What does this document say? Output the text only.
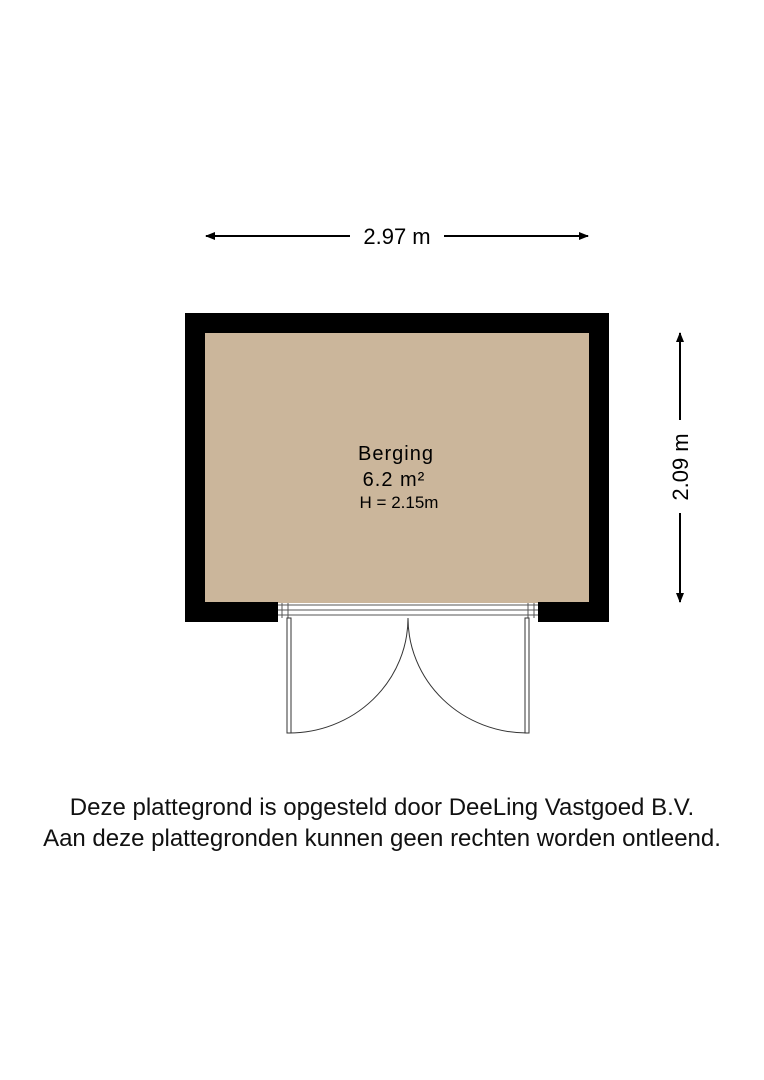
2.97 m
2.09 m
Berging
6.2 m²
H = 2.15m
Deze plattegrond is opgesteld door DeeLing Vastgoed B.V.
Aan deze plattegronden kunnen geen rechten worden ontleend.
